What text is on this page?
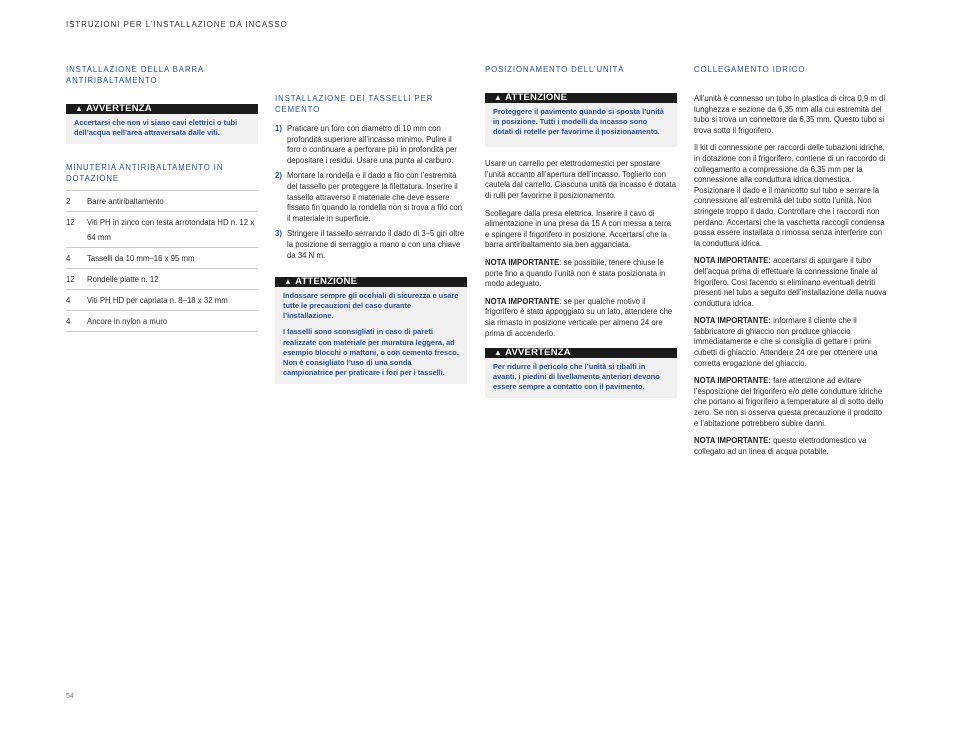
ISTRUZIONI PER L’INSTALLAZIONE DA INCASSO
INSTALLAZIONE DELLA BARRA ANTIRIBALTAMENTO
▲ AVVERTENZA

Accertarsi che non vi siano cavi elettrici o tubi dell’acqua nell’area attraversata dalle viti.

MINUTERIA ANTIRIBALTAMENTO IN DOTAZIONE
2	Barre antiribaltamento
12	Viti PH in zinco con testa arrotondata HD n. 12 x 64 mm
4	Tasselli da 10 mm–16 x 95 mm
12	Rondelle piatte n. 12
4	Viti PH HD per capriata n. 8–18 x 32 mm
4	Ancore in nylon a muro
INSTALLAZIONE DEI TASSELLI PER CEMENTO
1) Praticare un foro con diametro di 10 mm con profondità superiore all’incasso minimo. Pulire il foro o continuare a perforare più in profondità per depositare i residui. Usare una punta al carburo.
2) Montare la rondella e il dado a filo con l’estremità del tassello per proteggere la filettatura. Inserire il tassello attraverso il materiale che deve essere fissato fin quando la rondella non si trova a filo con il materiale in superficie.
3) Stringere il tassello serrando il dado di 3–5 giri oltre la posizione di serraggio a mano o con una chiave da 34 N m.
▲ ATTENZIONE

Indossare sempre gli occhiali di sicurezza e usare tutte le precauzioni del caso durante l’installazione.

I tasselli sono sconsigliati in caso di pareti realizzate con materiale per muratura leggera, ad esempio blocchi o mattoni, o con cemento fresco. Non è consigliato l’uso di una sonda campionatrice per praticare i fori per i tasselli.

POSIZIONAMENTO DELL’UNITÀ
▲ ATTENZIONE

Proteggere il pavimento quando si sposta l’unità in posizione. Tutti i modelli da incasso sono dotati di rotelle per favorirne il posizionamento.

Usare un carrello per elettrodomestici per spostare l’unità accanto all’apertura dell’incasso. Toglierlo con cautela dal carrello. Ciascuna unità da incasso è dotata di rulli per favorirne il posizionamento.

Scollegare dalla presa elettrica. Inserire il cavo di alimentazione in una presa da 15 A con messa a terra e spingere il frigorifero in posizione. Accertarsi che la barra antiribaltamento sia ben agganciata.

NOTA IMPORTANTE: se possibile, tenere chiuse le porte fino a quando l’unità non è stata posizionata in modo adeguato.

NOTA IMPORTANTE: se per qualche motivo il frigorifero è stato appoggiato su un lato, attendere che sia rimasto in posizione verticale per almeno 24 ore prima di accenderlo.

▲ AVVERTENZA

Per ridurre il pericolo che l’unità si ribalti in avanti, i piedini di livellamento anteriori devono essere sempre a contatto con il pavimento.

COLLEGAMENTO IDRICO

All’unità è connesso un tubo in plastica di circa 0,9 m di lunghezza e sezione da 6,35 mm alla cui estremità del tubo si trova un connettore da 6,35 mm. Questo tubo si trova sotto il frigorifero.

Il kit di connessione per raccordi delle tubazioni idriche, in dotazione con il frigorifero, contiene di un raccordo di collegamento a compressione da 6,35 mm per la connessione alla conduttura idrica domestica. Posizionare il dado e il manicotto sul tubo e serrare la connessione all’estremità del tubo sotto l’unità. Non stringete troppo il dado. Controllare che i raccordi non perdano. Accertarsi che la vaschetta raccogli condensa possa essere installata o rimossa senza interferire con la conduttura idrica.

NOTA IMPORTANTE: accertarsi di spurgare il tubo dell’acqua prima di effettuare la connessione finale al frigorifero. Così facendo si eliminano eventuali detriti presenti nel tubo a seguito dell’installazione della nuova conduttura idrica.

NOTA IMPORTANTE: informare il cliente che il fabbricatore di ghiaccio non produce ghiaccio immediatamente e che si consiglia di gettare i primi cubetti di ghiaccio. Attendere 24 ore per ottenere una corretta erogazione del ghiaccio.

NOTA IMPORTANTE: fare attenzione ad evitare l’esposizione del frigorifero e/o delle condutture idriche che portano al frigorifero a temperature al di sotto dello zero. Se non si osserva questa precauzione il prodotto e l’abitazione potrebbero subire danni.

NOTA IMPORTANTE: questo elettrodomestico va collegato ad un linea di acqua potabile.

54
